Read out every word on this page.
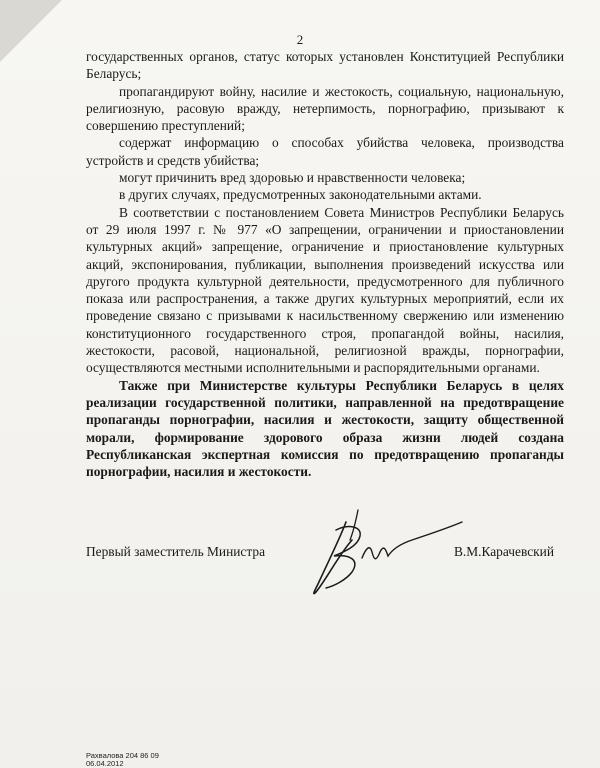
2

государственных органов, статус которых установлен Конституцией Республики Беларусь;

пропагандируют войну, насилие и жестокость, социальную, национальную, религиозную, расовую вражду, нетерпимость, порнографию, призывают к совершению преступлений;

содержат информацию о способах убийства человека, производства устройств и средств убийства;

могут причинить вред здоровью и нравственности человека;

в других случаях, предусмотренных законодательными актами.

В соответствии с постановлением Совета Министров Республики Беларусь от 29 июля 1997 г. № 977 «О запрещении, ограничении и приостановлении культурных акций» запрещение, ограничение и приостановление культурных акций, экспонирования, публикации, выполнения произведений искусства или другого продукта культурной деятельности, предусмотренного для публичного показа или распространения, а также других культурных мероприятий, если их проведение связано с призывами к насильственному свержению или изменению конституционного государственного строя, пропагандой войны, насилия, жестокости, расовой, национальной, религиозной вражды, порнографии, осуществляются местными исполнительными и распорядительными органами.

Также при Министерстве культуры Республики Беларусь в целях реализации государственной политики, направленной на предотвращение пропаганды порнографии, насилия и жестокости, защиту общественной морали, формирование здорового образа жизни людей создана Республиканская экспертная комиссия по предотвращению пропаганды порнографии, насилия и жестокости.

Первый заместитель Министра	В.М.Карачевский
Рахвалова 204 86 09
06.04.2012
